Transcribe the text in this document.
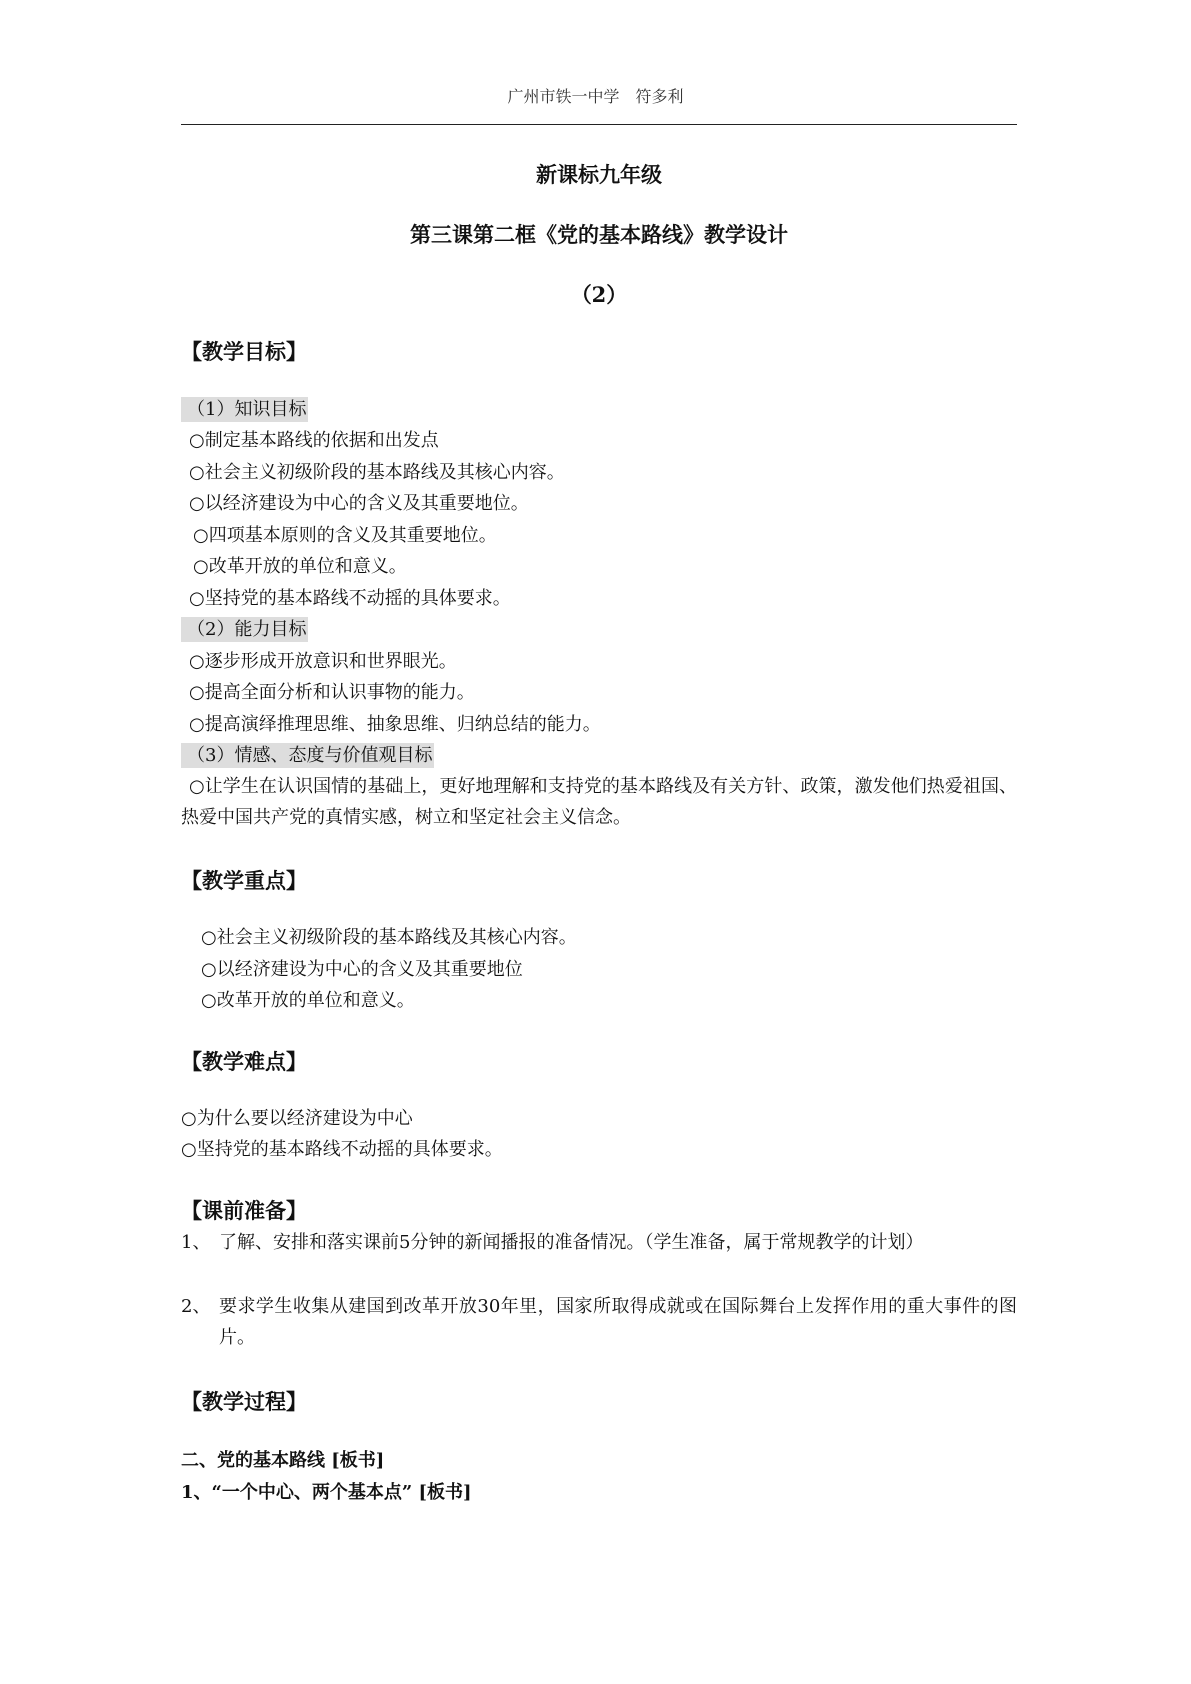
广州市铁一中学　符多利
新课标九年级
第三课第二框《党的基本路线》教学设计
（2）
【教学目标】
（1）知识目标
○制定基本路线的依据和出发点
○社会主义初级阶段的基本路线及其核心内容。
○以经济建设为中心的含义及其重要地位。
○四项基本原则的含义及其重要地位。
○改革开放的单位和意义。
○坚持党的基本路线不动摇的具体要求。
（2）能力目标
○逐步形成开放意识和世界眼光。
○提高全面分析和认识事物的能力。
○提高演绎推理思维、抽象思维、归纳总结的能力。
（3）情感、态度与价值观目标
○让学生在认识国情的基础上，更好地理解和支持党的基本路线及有关方针、政策，激发他们热爱祖国、热爱中国共产党的真情实感，树立和坚定社会主义信念。
【教学重点】
○社会主义初级阶段的基本路线及其核心内容。
○以经济建设为中心的含义及其重要地位
○改革开放的单位和意义。
【教学难点】
○为什么要以经济建设为中心
○坚持党的基本路线不动摇的具体要求。
【课前准备】
1、 了解、安排和落实课前5分钟的新闻播报的准备情况。（学生准备，属于常规教学的计划）
2、 要求学生收集从建国到改革开放30年里，国家所取得成就或在国际舞台上发挥作用的重大事件的图片。
【教学过程】
二、党的基本路线 [板书]
1、“一个中心、两个基本点” [板书]
